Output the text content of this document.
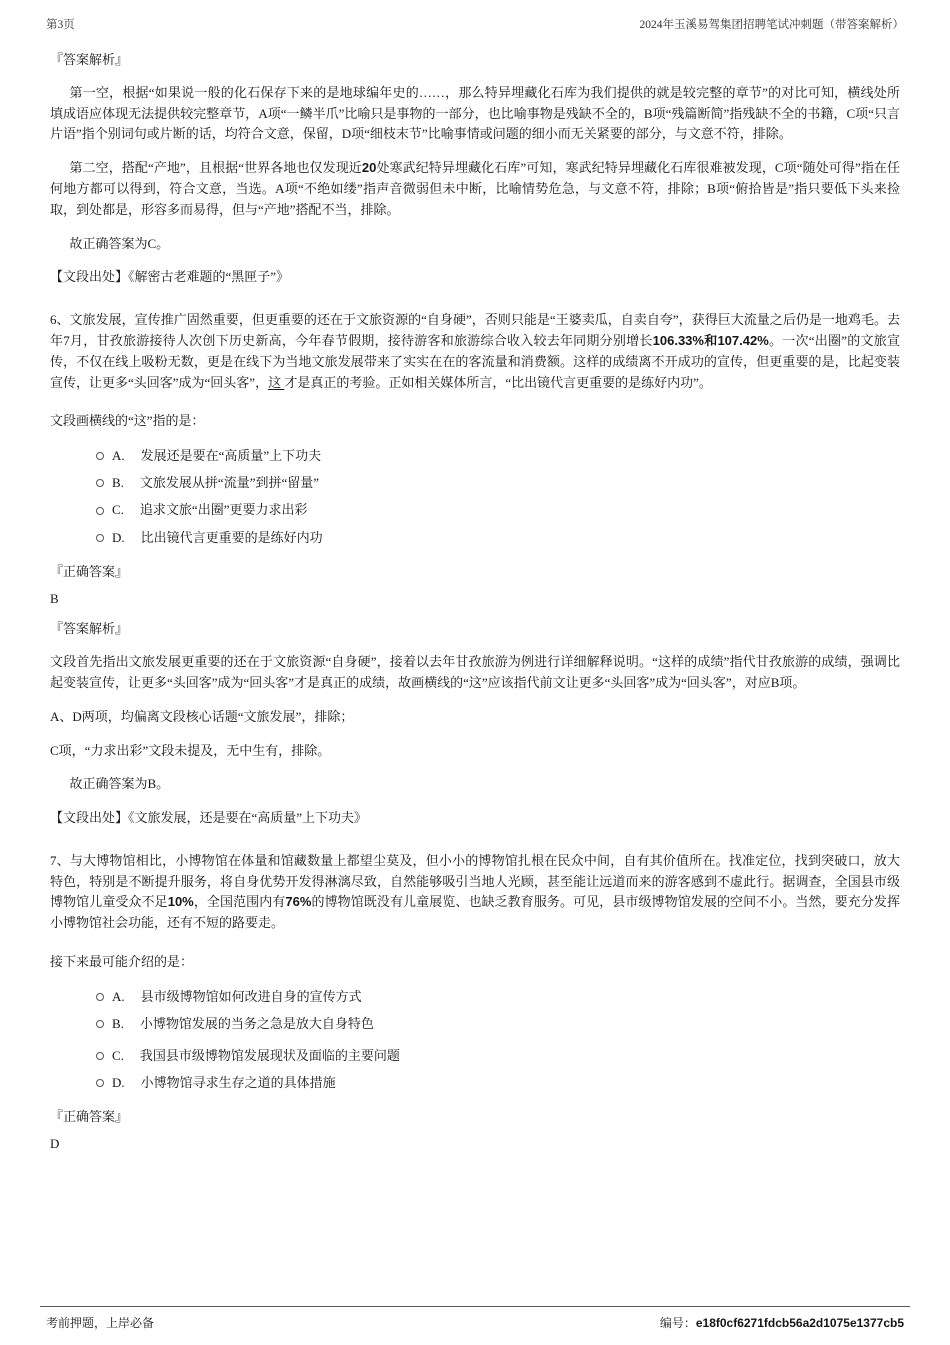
第3页	2024年玉溪易驾集团招聘笔试冲刺题（带答案解析）
『答案解析』

第一空，根据“如果说一般的化石保存下来的是地球编年史的……，那么特异埋藏化石库为我们提供的就是较完整的章节”的对比可知，横线处所填成语应体现无法提供较完整章节，A项“一鳞半爪”比喻只是事物的一部分，也比喻事物是残缺不全的，B项“残篇断简”指残缺不全的书籍，C项“只言片语”指个别词句或片断的话，均符合文意，保留，D项“细枝末节”比喻事情或问题的细小而无关紧要的部分，与文意不符，排除。

第二空，搭配“产地”，且根据“世界各地也仅发现近20处寒武纪特异埋藏化石库”可知，寒武纪特异埋藏化石库很难被发现，C项“随处可得”指在任何地方都可以得到，符合文意，当选。A项“不绝如缕”指声音微弱但未中断，比喻情势危急，与文意不符，排除；B项“俯拾皆是”指只要低下头来捡取，到处都是，形容多而易得，但与“产地”搭配不当，排除。

故正确答案为C。

【文段出处】《解密古老难题的“黑匣子”》

6、文旅发展，宣传推广固然重要，但更重要的还在于文旅资源的“自身硬”，否则只能是“王婆卖瓜，自卖自夸”，获得巨大流量之后仍是一地鸡毛。去年7月，甘孜旅游接待人次创下历史新高，今年春节假期，接待游客和旅游综合收入较去年同期分别增长106.33%和107.42%。一次“出圈”的文旅宣传，不仅在线上吸粉无数，更是在线下为当地文旅发展带来了实实在在的客流量和消费额。这样的成绩离不开成功的宣传，但更重要的是，比起变装宣传，让更多“头回客”成为“回头客”，这 才是真正的考验。正如相关媒体所言，“比出镜代言更重要的是练好内功”。

文段画横线的“这”指的是：

A. 发展还是要在“高质量”上下功夫
B. 文旅发展从拼“流量”到拼“留量”
C. 追求文旅“出圈”更要力求出彩
D. 比出镜代言更重要的是练好内功
『正确答案』
B
『答案解析』

文段首先指出文旅发展更重要的还在于文旅资源“自身硬”，接着以去年甘孜旅游为例进行详细解释说明。“这样的成绩”指代甘孜旅游的成绩，强调比起变装宣传，让更多“头回客”成为“回头客”才是真正的成绩，故画横线的“这”应该指代前文让更多“头回客”成为“回头客”，对应B项。

A、D两项，均偏离文段核心话题“文旅发展”，排除；

C项，“力求出彩”文段未提及，无中生有，排除。

故正确答案为B。

【文段出处】《文旅发展，还是要在“高质量”上下功夫》

7、与大博物馆相比，小博物馆在体量和馆藏数量上都望尘莫及，但小小的博物馆扎根在民众中间，自有其价值所在。找准定位，找到突破口，放大特色，特别是不断提升服务，将自身优势开发得淋漓尽致，自然能够吸引当地人光顾，甚至能让远道而来的游客感到不虚此行。据调查，全国县市级博物馆儿童受众不足10%，全国范围内有76%的博物馆既没有儿童展览、也缺乏教育服务。可见，县市级博物馆发展的空间不小。当然，要充分发挥小博物馆社会功能，还有不短的路要走。

接下来最可能介绍的是：

A. 县市级博物馆如何改进自身的宣传方式
B. 小博物馆发展的当务之急是放大自身特色
C. 我国县市级博物馆发展现状及面临的主要问题
D. 小博物馆寻求生存之道的具体措施
『正确答案』
D
考前押题，上岸必备	编号：e18f0cf6271fdcb56a2d1075e1377cb5
